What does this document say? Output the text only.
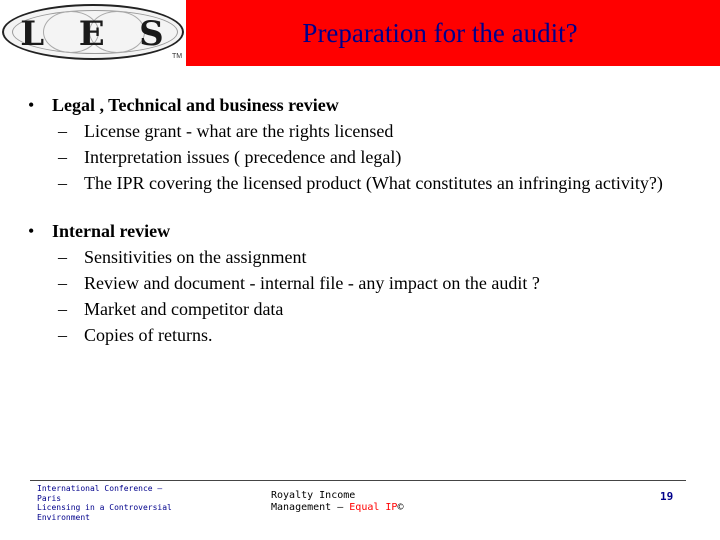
L E S
TM
Preparation for the audit?
• Legal , Technical and business review
– License grant - what are the rights licensed
– Interpretation issues ( precedence and legal)
– The IPR covering the licensed product (What constitutes an infringing activity?)
• Internal review
– Sensitivities on the assignment
– Review and document - internal file - any impact on the audit ?
– Market and competitor data
– Copies of returns.
International Conference –
Paris
Licensing in a Controversial
Environment
Royalty Income
Management – Equal IP©
19
